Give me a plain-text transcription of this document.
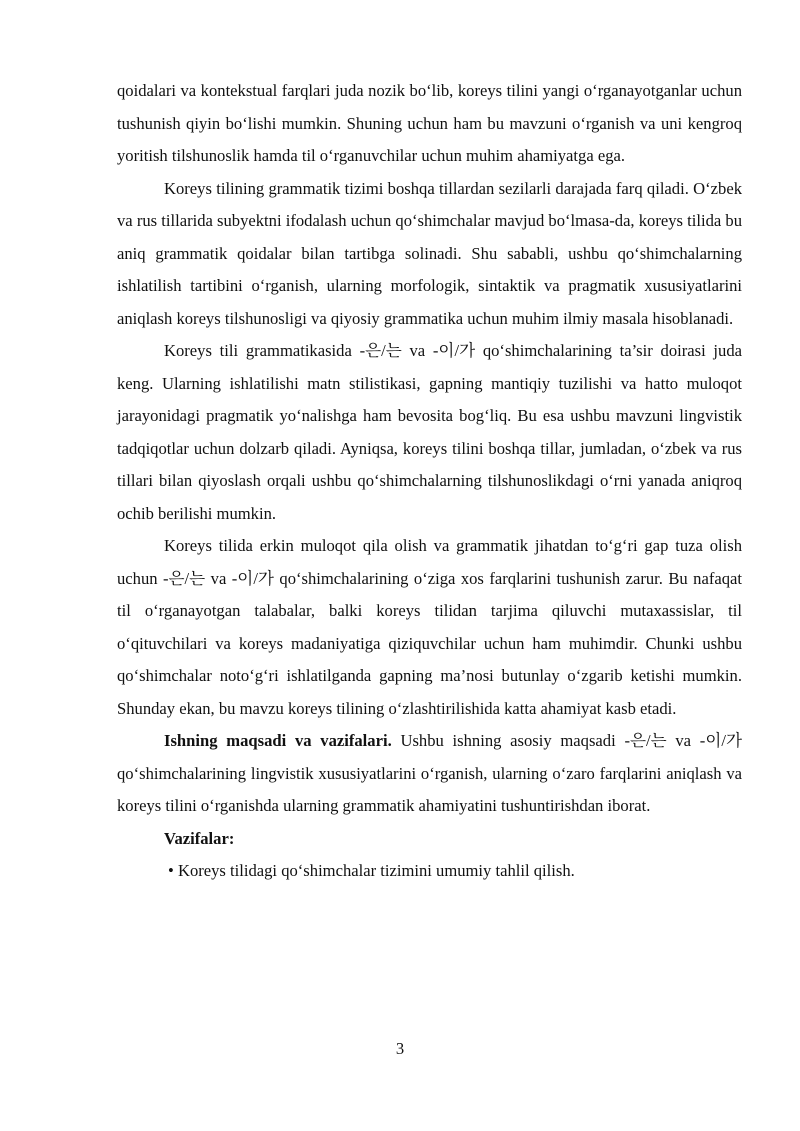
qoidalari va kontekstual farqlari juda nozik bo‘lib, koreys tilini yangi o‘rganayotganlar uchun tushunish qiyin bo‘lishi mumkin. Shuning uchun ham bu mavzuni o‘rganish va uni kengroq yoritish tilshunoslik hamda til o‘rganuvchilar uchun muhim ahamiyatga ega.

Koreys tilining grammatik tizimi boshqa tillardan sezilarli darajada farq qiladi. O‘zbek va rus tillarida subyektni ifodalash uchun qo‘shimchalar mavjud bo‘lmasa-da, koreys tilida bu aniq grammatik qoidalar bilan tartibga solinadi. Shu sababli, ushbu qo‘shimchalarning ishlatilish tartibini o‘rganish, ularning morfologik, sintaktik va pragmatik xususiyatlarini aniqlash koreys tilshunosligi va qiyosiy grammatika uchun muhim ilmiy masala hisoblanadi.

Koreys tili grammatikasida -은/는 va -이/가 qo‘shimchalarining ta’sir doirasi juda keng. Ularning ishlatilishi matn stilistikasi, gapning mantiqiy tuzilishi va hatto muloqot jarayonidagi pragmatik yo‘nalishga ham bevosita bog‘liq. Bu esa ushbu mavzuni lingvistik tadqiqotlar uchun dolzarb qiladi. Ayniqsa, koreys tilini boshqa tillar, jumladan, o‘zbek va rus tillari bilan qiyoslash orqali ushbu qo‘shimchalarning tilshunoslikdagi o‘rni yanada aniqroq ochib berilishi mumkin.

Koreys tilida erkin muloqot qila olish va grammatik jihatdan to‘g‘ri gap tuza olish uchun -은/는 va -이/가 qo‘shimchalarining o‘ziga xos farqlarini tushunish zarur. Bu nafaqat til o‘rganayotgan talabalar, balki koreys tilidan tarjima qiluvchi mutaxassislar, til o‘qituvchilari va koreys madaniyatiga qiziquvchilar uchun ham muhimdir. Chunki ushbu qo‘shimchalar noto‘g‘ri ishlatilganda gapning ma’nosi butunlay o‘zgarib ketishi mumkin. Shunday ekan, bu mavzu koreys tilining o‘zlashtirilishida katta ahamiyat kasb etadi.

Ishning maqsadi va vazifalari. Ushbu ishning asosiy maqsadi -은/는 va -이/가 qo‘shimchalarining lingvistik xususiyatlarini o‘rganish, ularning o‘zaro farqlarini aniqlash va koreys tilini o‘rganishda ularning grammatik ahamiyatini tushuntirishdan iborat.

Vazifalar:

• Koreys tilidagi qo‘shimchalar tizimini umumiy tahlil qilish.

3
